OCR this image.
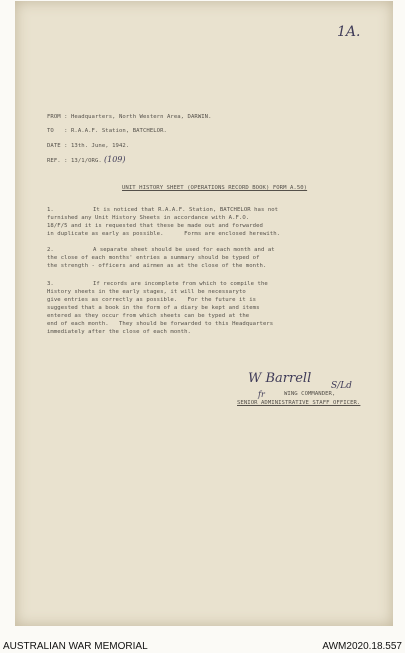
1A.
FROM : Headquarters, North Western Area, DARWIN.
TO   : R.A.A.F. Station, BATCHELOR.
DATE : 13th. June, 1942.
REF. : 13/1/ORG. (109)
UNIT HISTORY SHEET (OPERATIONS RECORD BOOK) FORM A.50)
1.	It is noticed that R.A.A.F. Station, BATCHELOR has not
furnished any Unit History Sheets in accordance with A.F.O.
18/F/5 and it is requested that these be made out and forwarded
in duplicate as early as possible.      Forms are enclosed herewith.
2.	A separate sheet should be used for each month and at
the close of each months' entries a summary should be typed of
the strength - officers and airmen as at the close of the month.
3.	If records are incomplete from which to compile the
History sheets in the early stages, it will be necessaryto
give entries as correctly as possible.   For the future it is
suggested that a book in the form of a diary be kept and items
entered as they occur from which sheets can be typed at the
end of each month.   They should be forwarded to this Headquarters
immediately after the close of each month.
W Barrell S/Ld
fr	WING COMMANDER,
SENIOR ADMINISTRATIVE STAFF OFFICER.
AUSTRALIAN WAR MEMORIAL	AWM2020.18.557
